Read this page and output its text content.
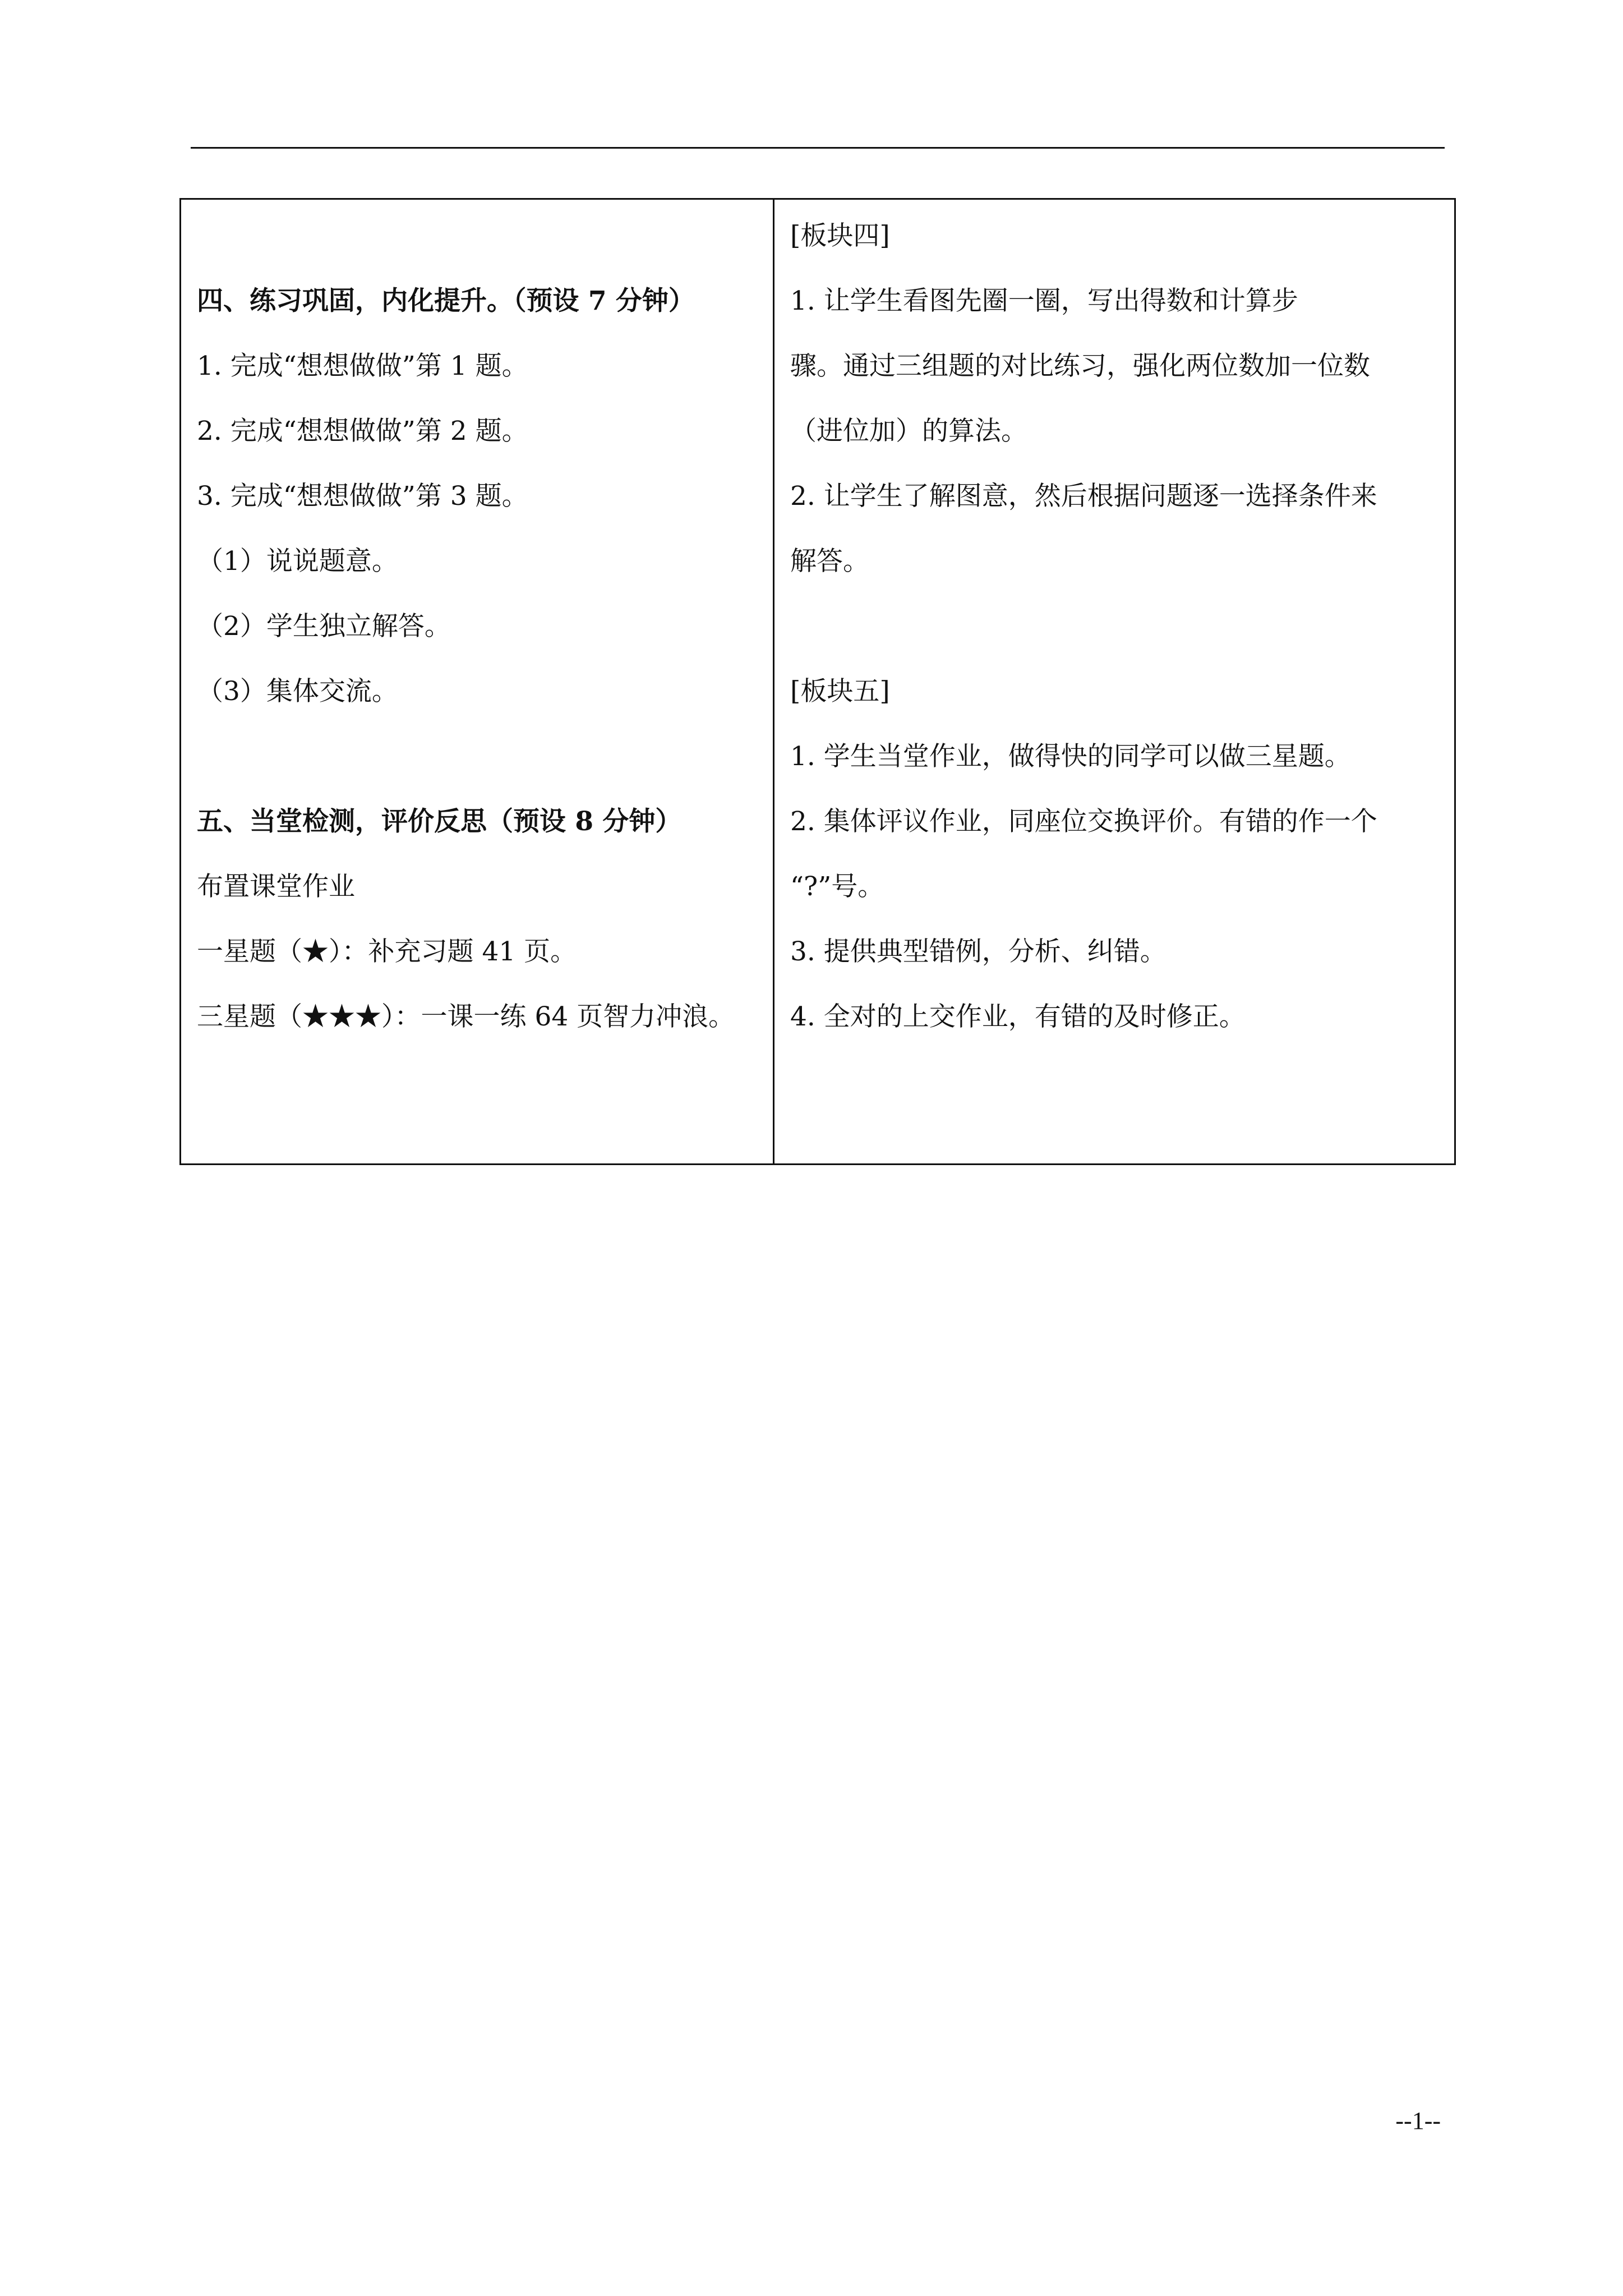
四、练习巩固，内化提升。（预设 7 分钟）
1. 完成“想想做做”第 1 题。
2. 完成“想想做做”第 2 题。
3. 完成“想想做做”第 3 题。
（1）说说题意。
（2）学生独立解答。
（3）集体交流。
五、当堂检测，评价反思（预设 8 分钟）
布置课堂作业
一星题（★）：补充习题 41 页。
三星题（★★★）：一课一练 64 页智力冲浪。
[板块四]
1. 让学生看图先圈一圈，写出得数和计算步
骤。通过三组题的对比练习，强化两位数加一位数
（进位加）的算法。
2. 让学生了解图意，然后根据问题逐一选择条件来
解答。
[板块五]
1. 学生当堂作业，做得快的同学可以做三星题。
2. 集体评议作业，同座位交换评价。有错的作一个
“?”号。
3. 提供典型错例，分析、纠错。
4. 全对的上交作业，有错的及时修正。
--1--
